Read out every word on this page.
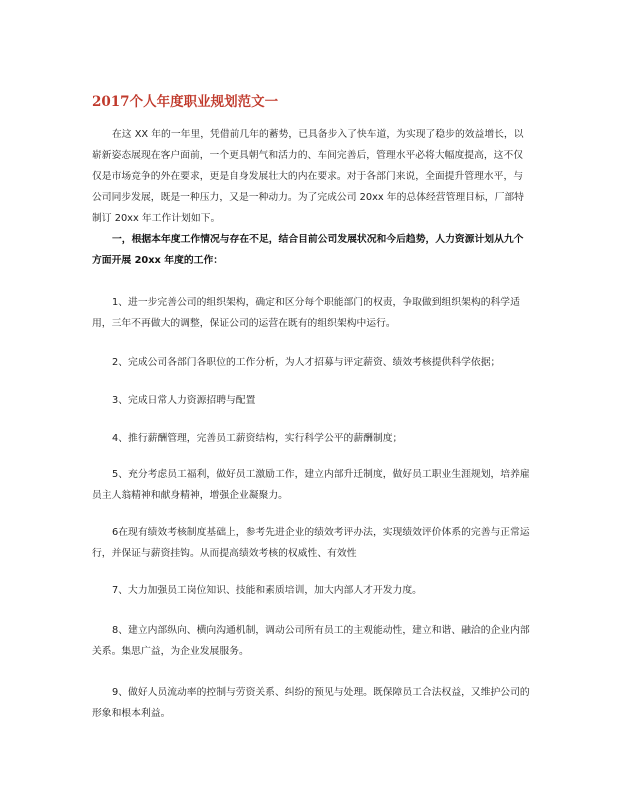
2017个人年度职业规划范文一
在这 XX 年的一年里，凭借前几年的蓄势，已具备步入了快车道，为实现了稳步的效益增长，以崭新姿态展现在客户面前，一个更具朝气和活力的、车间完善后，管理水平必将大幅度提高，这不仅仅是市场竞争的外在要求，更是自身发展壮大的内在要求。对于各部门来说，全面提升管理水平，与公司同步发展，既是一种压力，又是一种动力。为了完成公司 20xx 年的总体经营管理目标，厂部特制订 20xx 年工作计划如下。
一，根据本年度工作情况与存在不足，结合目前公司发展状况和今后趋势，人力资源计划从九个方面开展 20xx 年度的工作：
1、进一步完善公司的组织架构，确定和区分每个职能部门的权责，争取做到组织架构的科学适用，三年不再做大的调整，保证公司的运营在既有的组织架构中运行。
2、完成公司各部门各职位的工作分析，为人才招募与评定薪资、绩效考核提供科学依据；
3、完成日常人力资源招聘与配置
4、推行薪酬管理，完善员工薪资结构，实行科学公平的薪酬制度；
5、充分考虑员工福利，做好员工激励工作，建立内部升迁制度，做好员工职业生涯规划，培养雇员主人翁精神和献身精神，增强企业凝聚力。
6在现有绩效考核制度基础上，参考先进企业的绩效考评办法，实现绩效评价体系的完善与正常运行，并保证与薪资挂钩。从而提高绩效考核的权威性、有效性
7、大力加强员工岗位知识、技能和素质培训，加大内部人才开发力度。
8、建立内部纵向、横向沟通机制，调动公司所有员工的主观能动性，建立和谐、融洽的企业内部关系。集思广益，为企业发展服务。
9、做好人员流动率的控制与劳资关系、纠纷的预见与处理。既保障员工合法权益，又维护公司的形象和根本利益。
